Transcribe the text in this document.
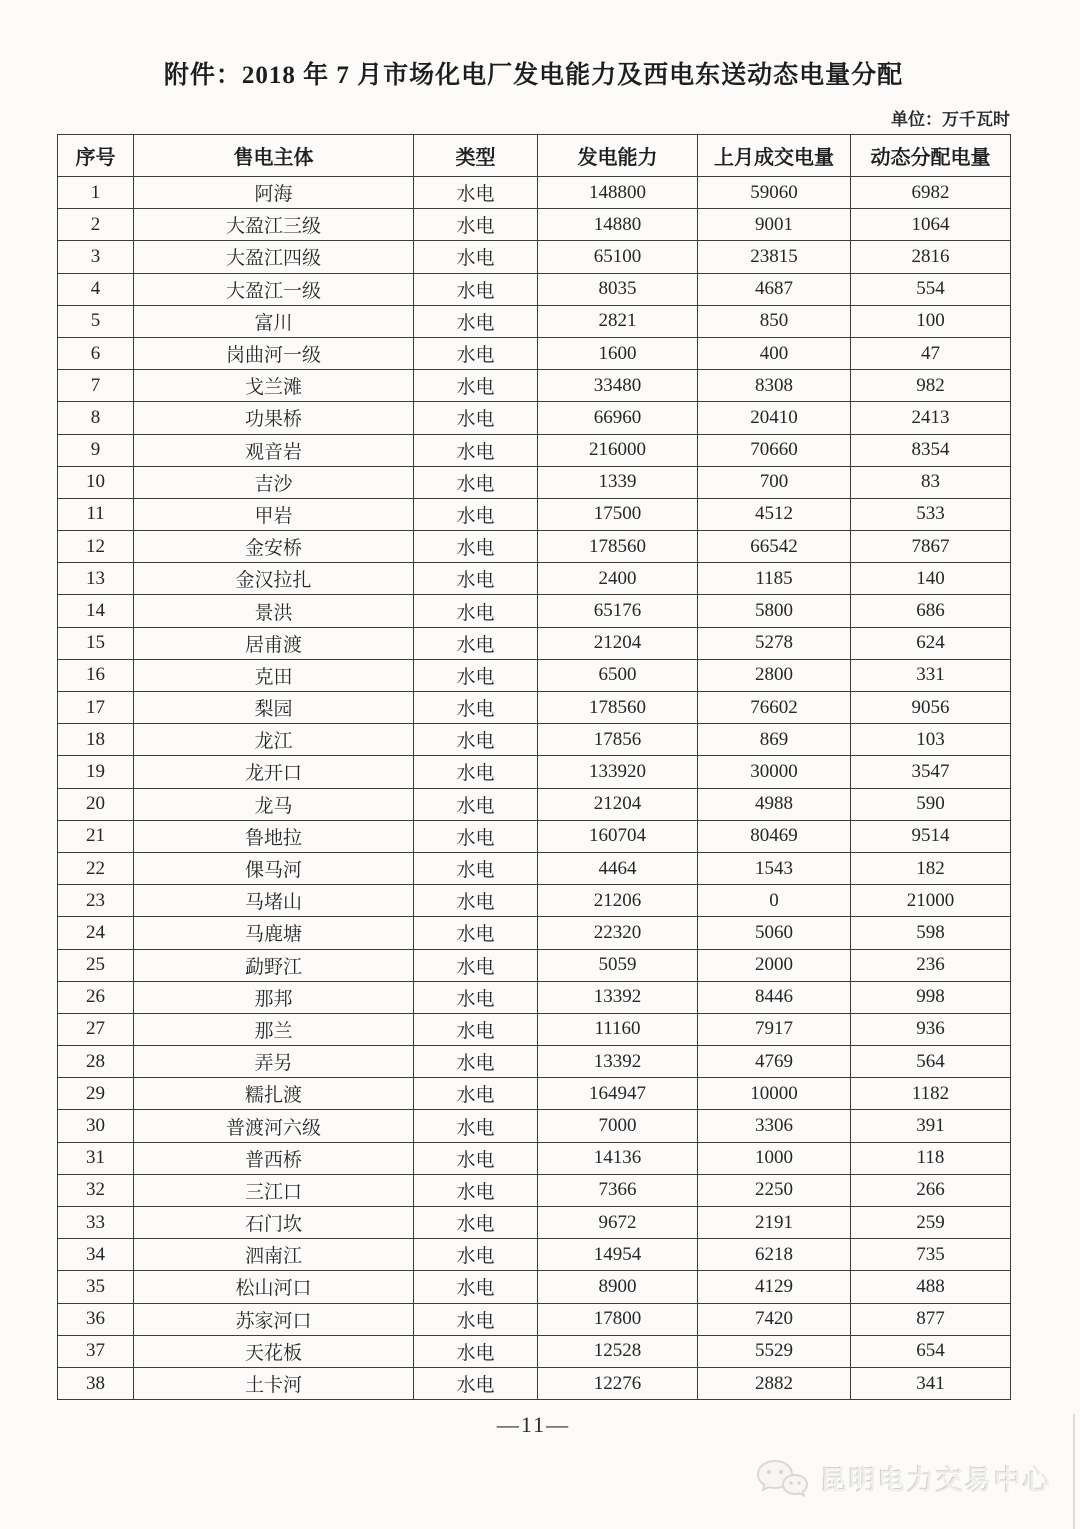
附件：2018 年 7 月市场化电厂发电能力及西电东送动态电量分配
单位：万千瓦时
序号	售电主体	类型	发电能力	上月成交电量	动态分配电量
1	阿海	水电	148800	59060	6982
2	大盈江三级	水电	14880	9001	1064
3	大盈江四级	水电	65100	23815	2816
4	大盈江一级	水电	8035	4687	554
5	富川	水电	2821	850	100
6	岗曲河一级	水电	1600	400	47
7	戈兰滩	水电	33480	8308	982
8	功果桥	水电	66960	20410	2413
9	观音岩	水电	216000	70660	8354
10	吉沙	水电	1339	700	83
11	甲岩	水电	17500	4512	533
12	金安桥	水电	178560	66542	7867
13	金汉拉扎	水电	2400	1185	140
14	景洪	水电	65176	5800	686
15	居甫渡	水电	21204	5278	624
16	克田	水电	6500	2800	331
17	梨园	水电	178560	76602	9056
18	龙江	水电	17856	869	103
19	龙开口	水电	133920	30000	3547
20	龙马	水电	21204	4988	590
21	鲁地拉	水电	160704	80469	9514
22	倮马河	水电	4464	1543	182
23	马堵山	水电	21206	0	21000
24	马鹿塘	水电	22320	5060	598
25	勐野江	水电	5059	2000	236
26	那邦	水电	13392	8446	998
27	那兰	水电	11160	7917	936
28	弄另	水电	13392	4769	564
29	糯扎渡	水电	164947	10000	1182
30	普渡河六级	水电	7000	3306	391
31	普西桥	水电	14136	1000	118
32	三江口	水电	7366	2250	266
33	石门坎	水电	9672	2191	259
34	泗南江	水电	14954	6218	735
35	松山河口	水电	8900	4129	488
36	苏家河口	水电	17800	7420	877
37	天花板	水电	12528	5529	654
38	土卡河	水电	12276	2882	341
—11—
昆明电力交易中心
